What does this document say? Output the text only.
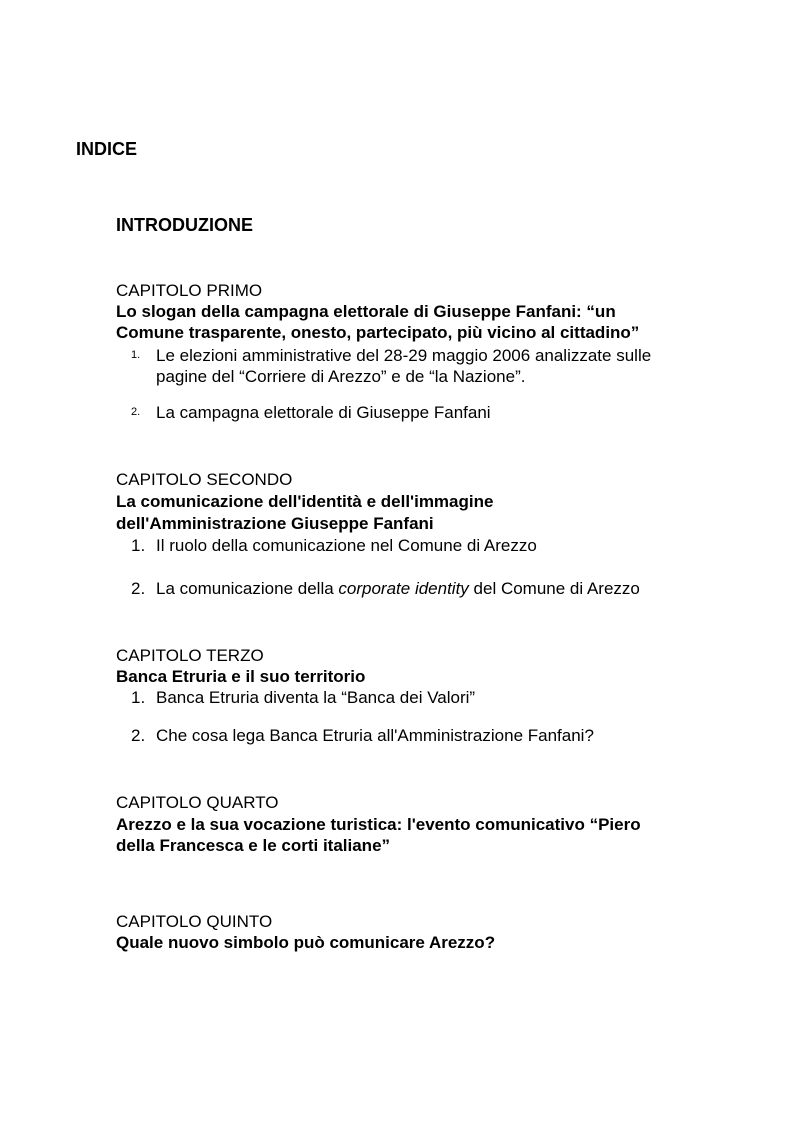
INDICE
INTRODUZIONE
CAPITOLO PRIMO
Lo slogan della campagna elettorale di Giuseppe Fanfani: “un
Comune trasparente, onesto, partecipato, più vicino al cittadino”
1. Le elezioni amministrative del 28-29 maggio 2006 analizzate sulle
pagine del “Corriere di Arezzo” e de “la Nazione”.
2. La campagna elettorale di Giuseppe Fanfani
CAPITOLO SECONDO
La comunicazione dell'identità e dell'immagine
dell'Amministrazione Giuseppe Fanfani
1. Il ruolo della comunicazione nel Comune di Arezzo
2. La comunicazione della corporate identity del Comune di Arezzo
CAPITOLO TERZO
Banca Etruria e il suo territorio
1. Banca Etruria diventa la “Banca dei Valori”
2. Che cosa lega Banca Etruria all'Amministrazione Fanfani?
CAPITOLO QUARTO
Arezzo e la sua vocazione turistica: l'evento comunicativo “Piero
della Francesca e le corti italiane”
CAPITOLO QUINTO
Quale nuovo simbolo può comunicare Arezzo?
